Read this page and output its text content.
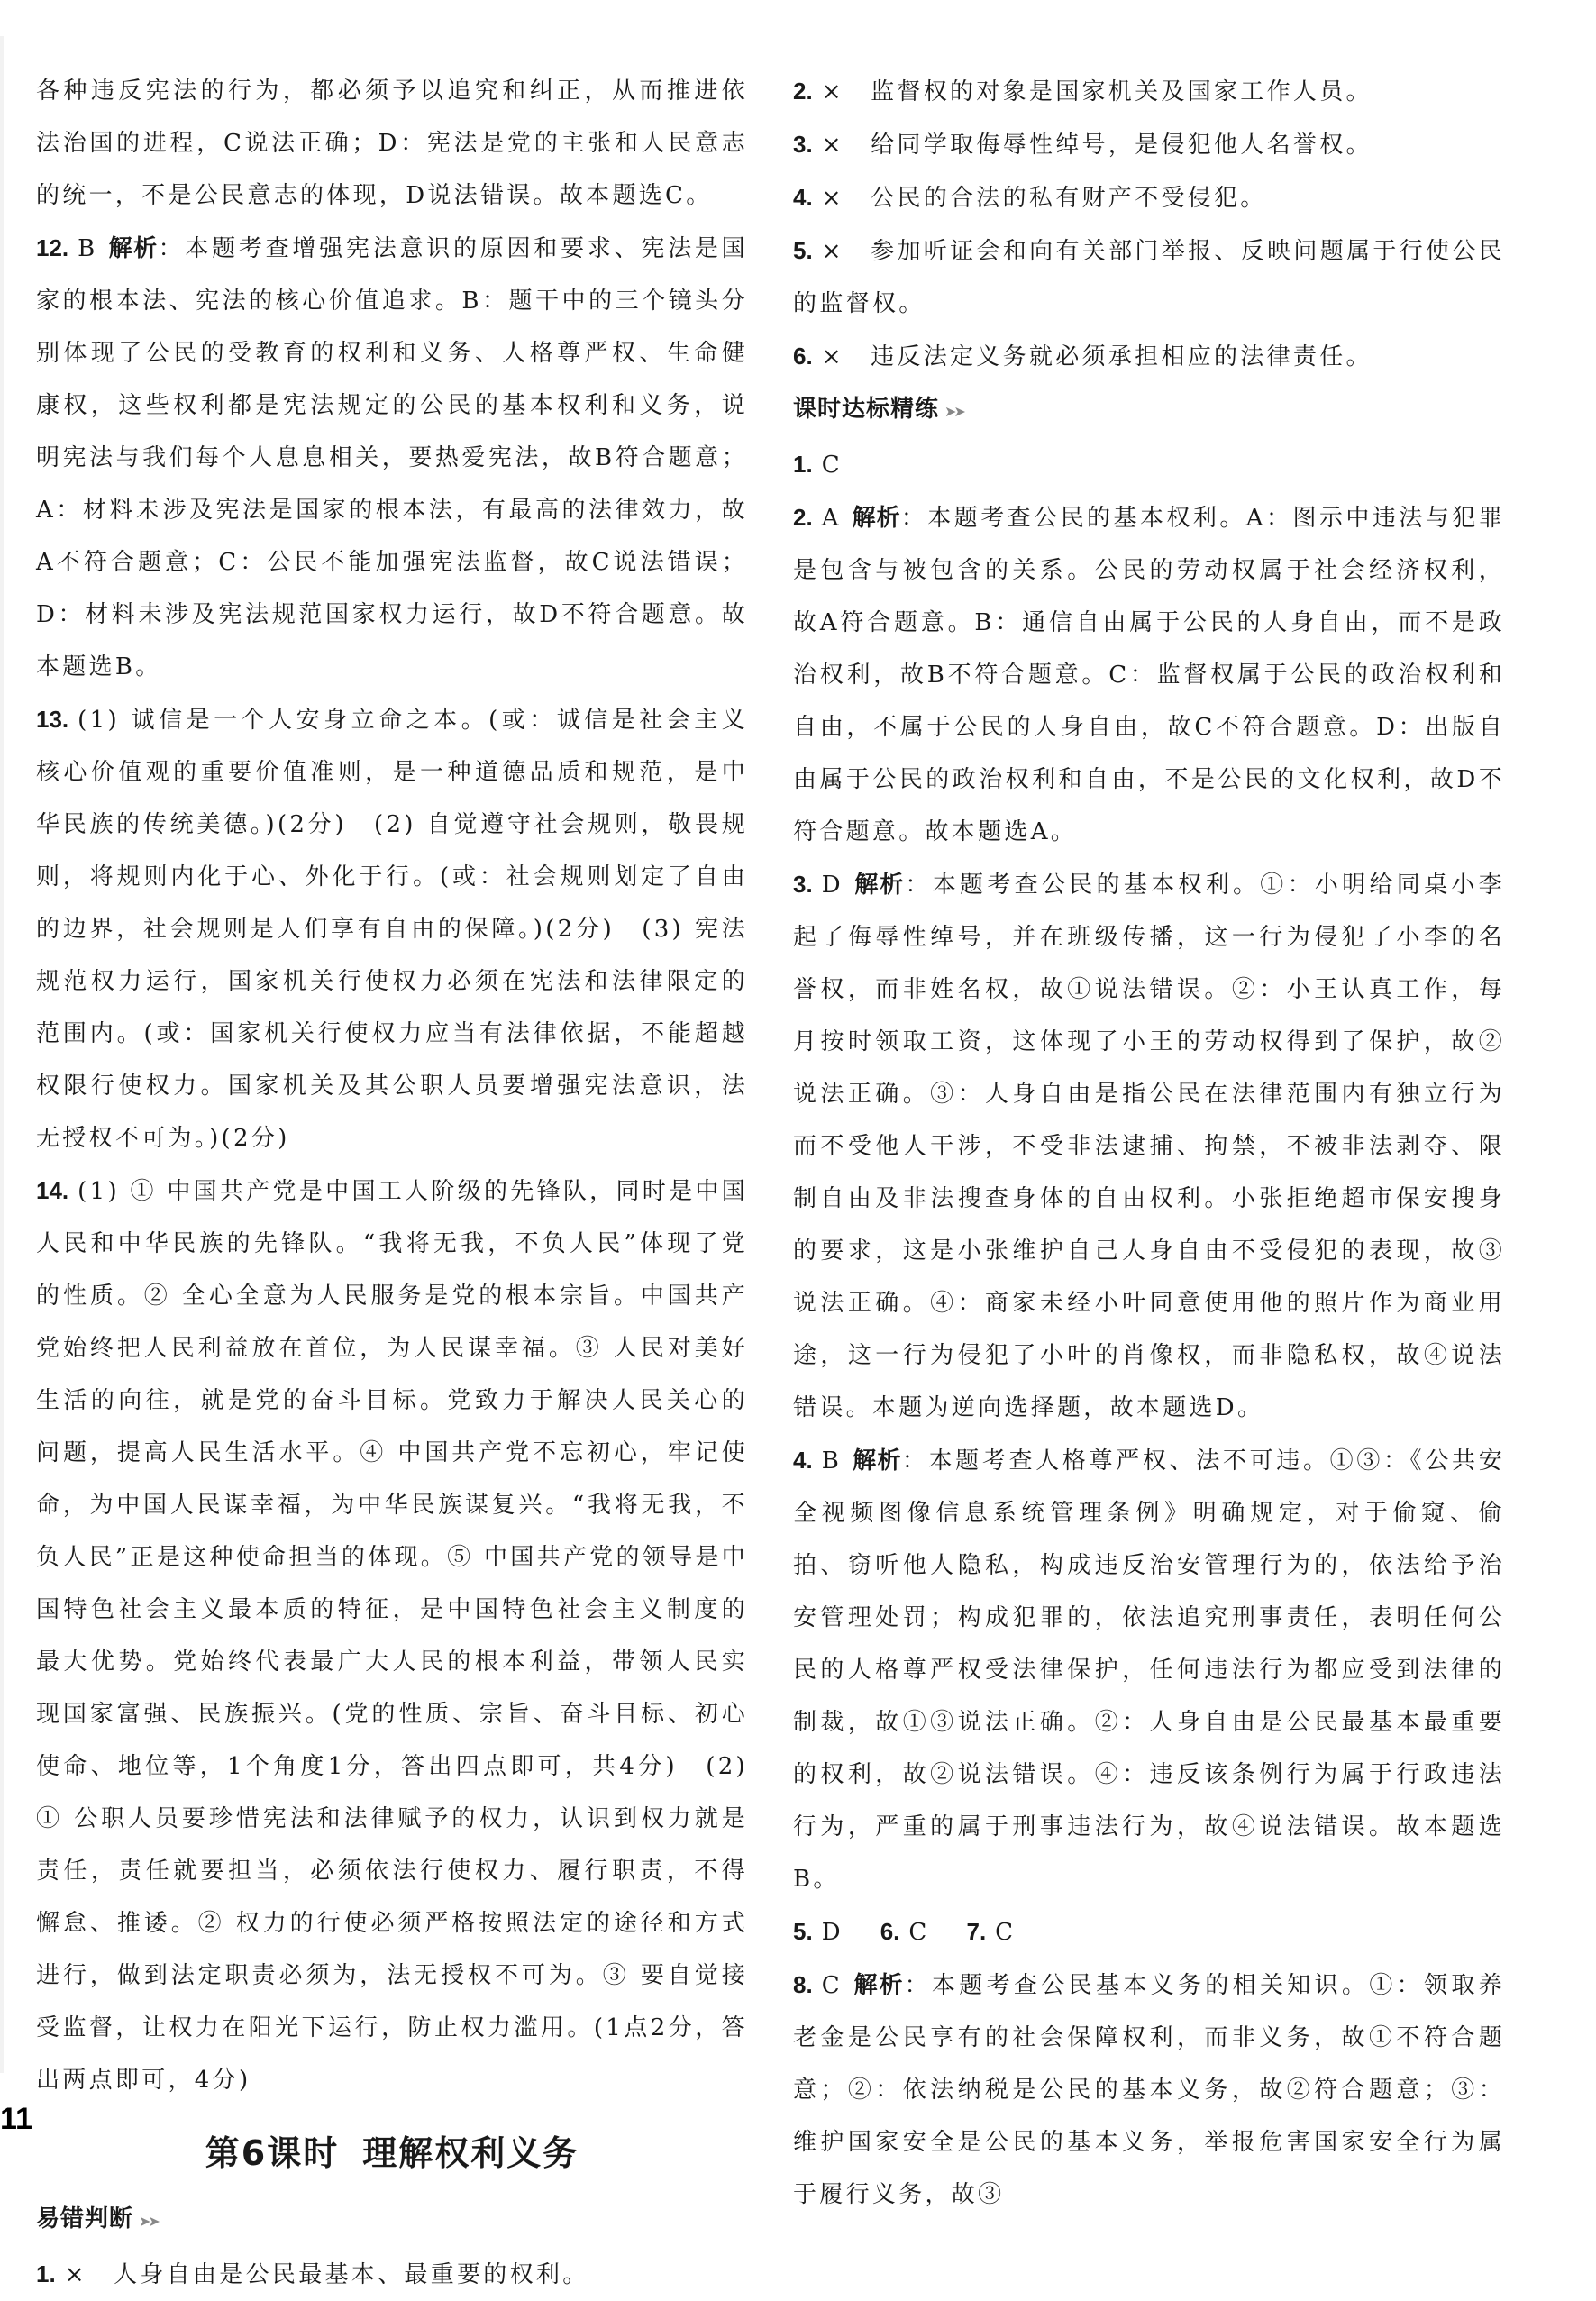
各种违反宪法的行为，都必须予以追究和纠正，从而推进依法治国的进程，C说法正确；D：宪法是党的主张和人民意志的统一，不是公民意志的体现，D说法错误。故本题选C。

12. B 解析：本题考查增强宪法意识的原因和要求、宪法是国家的根本法、宪法的核心价值追求。B：题干中的三个镜头分别体现了公民的受教育的权利和义务、人格尊严权、生命健康权，这些权利都是宪法规定的公民的基本权利和义务，说明宪法与我们每个人息息相关，要热爱宪法，故B符合题意；A：材料未涉及宪法是国家的根本法，有最高的法律效力，故A不符合题意；C：公民不能加强宪法监督，故C说法错误；D：材料未涉及宪法规范国家权力运行，故D不符合题意。故本题选B。

13. (1) 诚信是一个人安身立命之本。(或：诚信是社会主义核心价值观的重要价值准则，是一种道德品质和规范，是中华民族的传统美德。)(2分)　(2) 自觉遵守社会规则，敬畏规则，将规则内化于心、外化于行。(或：社会规则划定了自由的边界，社会规则是人们享有自由的保障。)(2分)　(3) 宪法规范权力运行，国家机关行使权力必须在宪法和法律限定的范围内。(或：国家机关行使权力应当有法律依据，不能超越权限行使权力。国家机关及其公职人员要增强宪法意识，法无授权不可为。)(2分)

14. (1) ① 中国共产党是中国工人阶级的先锋队，同时是中国人民和中华民族的先锋队。“我将无我，不负人民”体现了党的性质。② 全心全意为人民服务是党的根本宗旨。中国共产党始终把人民利益放在首位，为人民谋幸福。③ 人民对美好生活的向往，就是党的奋斗目标。党致力于解决人民关心的问题，提高人民生活水平。④ 中国共产党不忘初心，牢记使命，为中国人民谋幸福，为中华民族谋复兴。“我将无我，不负人民”正是这种使命担当的体现。⑤ 中国共产党的领导是中国特色社会主义最本质的特征，是中国特色社会主义制度的最大优势。党始终代表最广大人民的根本利益，带领人民实现国家富强、民族振兴。(党的性质、宗旨、奋斗目标、初心使命、地位等，1个角度1分，答出四点即可，共4分)　(2) ① 公职人员要珍惜宪法和法律赋予的权力，认识到权力就是责任，责任就要担当，必须依法行使权力、履行职责，不得懈怠、推诿。② 权力的行使必须严格按照法定的途径和方式进行，做到法定职责必须为，法无授权不可为。③ 要自觉接受监督，让权力在阳光下运行，防止权力滥用。(1点2分，答出两点即可，4分)

第6课时 理解权利义务

易错判断 ➤➤

1. ×　 人身自由是公民最基本、最重要的权利。

2. ×　 监督权的对象是国家机关及国家工作人员。

3. ×　 给同学取侮辱性绰号，是侵犯他人名誉权。

4. ×　 公民的合法的私有财产不受侵犯。

5. ×　 参加听证会和向有关部门举报、反映问题属于行使公民的监督权。

6. ×　 违反法定义务就必须承担相应的法律责任。

课时达标精练 ➤➤

1. C

2. A 解析：本题考查公民的基本权利。A：图示中违法与犯罪是包含与被包含的关系。公民的劳动权属于社会经济权利，故A符合题意。B：通信自由属于公民的人身自由，而不是政治权利，故B不符合题意。C：监督权属于公民的政治权利和自由，不属于公民的人身自由，故C不符合题意。D：出版自由属于公民的政治权利和自由，不是公民的文化权利，故D不符合题意。故本题选A。

3. D 解析：本题考查公民的基本权利。①：小明给同桌小李起了侮辱性绰号，并在班级传播，这一行为侵犯了小李的名誉权，而非姓名权，故①说法错误。②：小王认真工作，每月按时领取工资，这体现了小王的劳动权得到了保护，故②说法正确。③：人身自由是指公民在法律范围内有独立行为而不受他人干涉，不受非法逮捕、拘禁，不被非法剥夺、限制自由及非法搜查身体的自由权利。小张拒绝超市保安搜身的要求，这是小张维护自己人身自由不受侵犯的表现，故③说法正确。④：商家未经小叶同意使用他的照片作为商业用途，这一行为侵犯了小叶的肖像权，而非隐私权，故④说法错误。本题为逆向选择题，故本题选D。

4. B 解析：本题考查人格尊严权、法不可违。①③：《公共安全视频图像信息系统管理条例》明确规定，对于偷窥、偷拍、窃听他人隐私，构成违反治安管理行为的，依法给予治安管理处罚；构成犯罪的，依法追究刑事责任，表明任何公民的人格尊严权受法律保护，任何违法行为都应受到法律的制裁，故①③说法正确。②：人身自由是公民最基本最重要的权利，故②说法错误。④：违反该条例行为属于行政违法行为，严重的属于刑事违法行为，故④说法错误。故本题选B。

5. D　 6. C　 7. C

8. C 解析：本题考查公民基本义务的相关知识。①：领取养老金是公民享有的社会保障权利，而非义务，故①不符合题意；②：依法纳税是公民的基本义务，故②符合题意；③：维护国家安全是公民的基本义务，举报危害国家安全行为属于履行义务，故③

11
